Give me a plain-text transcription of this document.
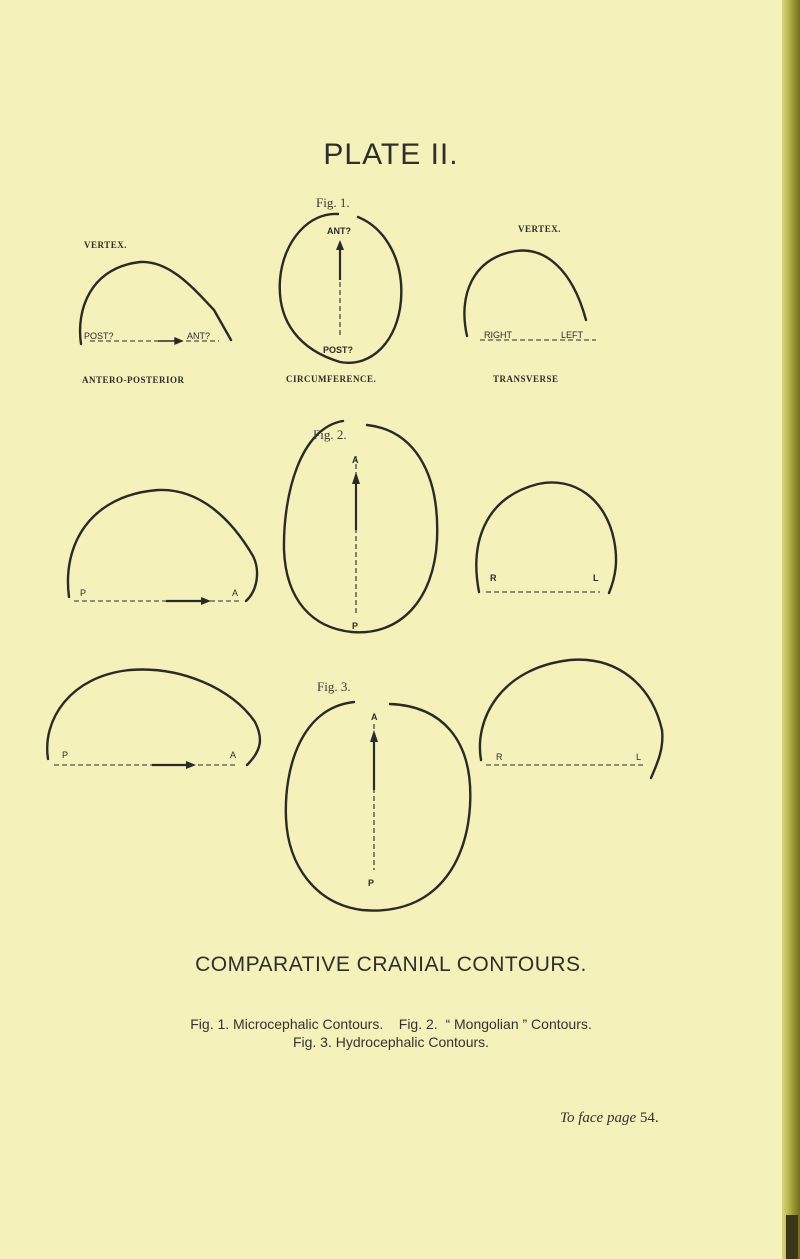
PLATE II.
Fig. 1.
VERTEX.
POST?	ANT?
ANTERO-POSTERIOR
ANT?
POST?
CIRCUMFERENCE.
VERTEX.
RIGHT	LEFT
TRANSVERSE
Fig. 2.
P	A
A
P
R	L
Fig. 3.
P	A
A
P
R	L
COMPARATIVE CRANIAL CONTOURS.
Fig. 1. Microcephalic Contours.    Fig. 2.  “ Mongolian ” Contours.
Fig. 3. Hydrocephalic Contours.
To face page 54.
